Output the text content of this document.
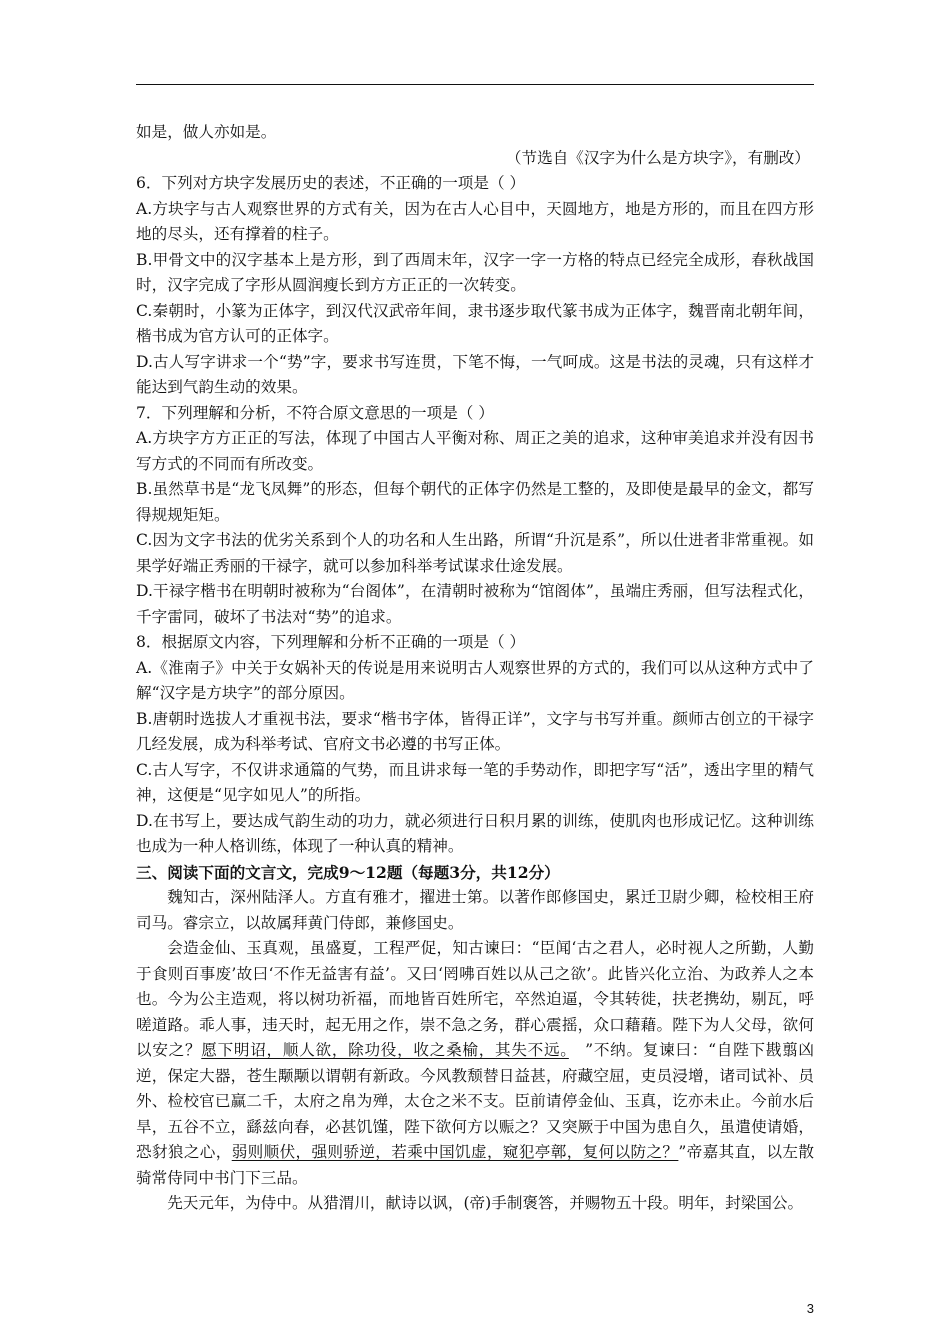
如是，做人亦如是。

（节选自《汉字为什么是方块字》，有删改）

6．下列对方块字发展历史的表述，不正确的一项是（ ）

A.方块字与古人观察世界的方式有关，因为在古人心目中，天圆地方，地是方形的，而且在四方形地的尽头，还有撑着的柱子。

B.甲骨文中的汉字基本上是方形，到了西周末年，汉字一字一方格的特点已经完全成形，春秋战国时，汉字完成了字形从圆润瘦长到方方正正的一次转变。

C.秦朝时，小篆为正体字，到汉代汉武帝年间，隶书逐步取代篆书成为正体字，魏晋南北朝年间，楷书成为官方认可的正体字。

D.古人写字讲求一个“势”字，要求书写连贯，下笔不悔，一气呵成。这是书法的灵魂，只有这样才能达到气韵生动的效果。

7．下列理解和分析，不符合原文意思的一项是（ ）

A.方块字方方正正的写法，体现了中国古人平衡对称、周正之美的追求，这种审美追求并没有因书写方式的不同而有所改变。

B.虽然草书是“龙飞凤舞”的形态，但每个朝代的正体字仍然是工整的，及即使是最早的金文，都写得规规矩矩。

C.因为文字书法的优劣关系到个人的功名和人生出路，所谓“升沉是系”，所以仕进者非常重视。如果学好端正秀丽的干禄字，就可以参加科举考试谋求仕途发展。

D.干禄字楷书在明朝时被称为“台阁体”，在清朝时被称为“馆阁体”，虽端庄秀丽，但写法程式化，千字雷同，破坏了书法对“势”的追求。

8．根据原文内容，下列理解和分析不正确的一项是（ ）

A.《淮南子》中关于女娲补天的传说是用来说明古人观察世界的方式的，我们可以从这种方式中了解“汉字是方块字”的部分原因。

B.唐朝时选拔人才重视书法，要求“楷书字体，皆得正详”，文字与书写并重。颜师古创立的干禄字几经发展，成为科举考试、官府文书必遵的书写正体。

C.古人写字，不仅讲求通篇的气势，而且讲求每一笔的手势动作，即把字写“活”，透出字里的精气神，这便是“见字如见人”的所指。

D.在书写上，要达成气韵生动的功力，就必须进行日积月累的训练，使肌肉也形成记忆。这种训练也成为一种人格训练，体现了一种认真的精神。

三、阅读下面的文言文，完成9～12题（每题3分，共12分）

魏知古，深州陆泽人。方直有雅才，擢进士第。以著作郎修国史，累迁卫尉少卿，检校相王府司马。睿宗立，以故属拜黄门侍郎，兼修国史。

会造金仙、玉真观，虽盛夏，工程严促，知古谏曰：“臣闻‘古之君人，必时视人之所勤，人勤于食则百事废’故曰‘不作无益害有益’。又曰‘罔咈百姓以从己之欲’。此皆兴化立治、为政养人之本也。今为公主造观，将以树功祈福，而地皆百姓所宅，卒然迫逼，令其转徙，扶老携幼，剔瓦，呼嗟道路。乖人事，违天时，起无用之作，崇不急之务，群心震摇，众口藉藉。陛下为人父母，欲何以安之？愿下明诏，顺人欲，除功役，收之桑榆，其失不远。　”不纳。复谏曰：“自陛下戡翦凶逆，保定大器，苍生颙颙以谓朝有新政。今风教颓替日益甚，府藏空屈，吏员浸增，诸司试补、员外、检校官已赢二千，太府之帛为殚，太仓之米不支。臣前请停金仙、玉真，讫亦未止。今前水后旱，五谷不立，繇兹向春，必甚饥馑，陛下欲何方以赈之？又突厥于中国为患自久，虽遣使请婚，恐豺狼之心，弱则顺伏，强则骄逆，若乘中国饥虚，窥犯亭鄣，复何以防之？”帝嘉其直，以左散骑常侍同中书门下三品。

先天元年，为侍中。从猎渭川，献诗以讽，(帝)手制褒答，并赐物五十段。明年，封梁国公。

3
